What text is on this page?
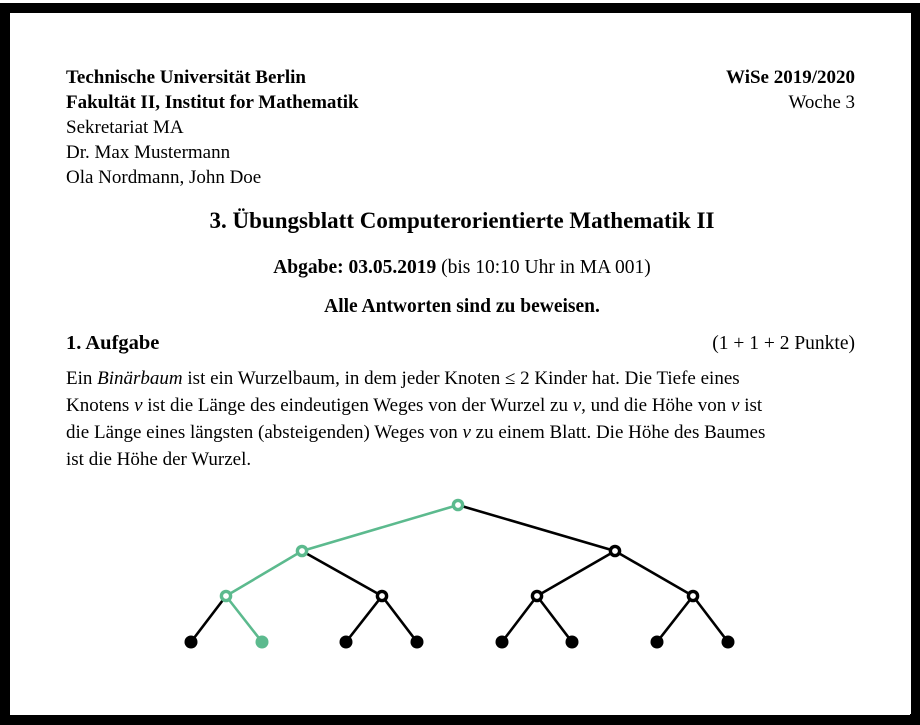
Technische Universität Berlin
Fakultät II, Institut for Mathematik
Sekretariat MA
Dr. Max Mustermann
Ola Nordmann, John Doe
WiSe 2019/2020
Woche 3
3. Übungsblatt Computerorientierte Mathematik II
Abgabe: 03.05.2019 (bis 10:10 Uhr in MA 001)
Alle Antworten sind zu beweisen.
1. Aufgabe	(1 + 1 + 2 Punkte)
Ein Binärbaum ist ein Wurzelbaum, in dem jeder Knoten ≤ 2 Kinder hat. Die Tiefe eines
Knotens v ist die Länge des eindeutigen Weges von der Wurzel zu v, und die Höhe von v ist
die Länge eines längsten (absteigenden) Weges von v zu einem Blatt. Die Höhe des Baumes
ist die Höhe der Wurzel.
